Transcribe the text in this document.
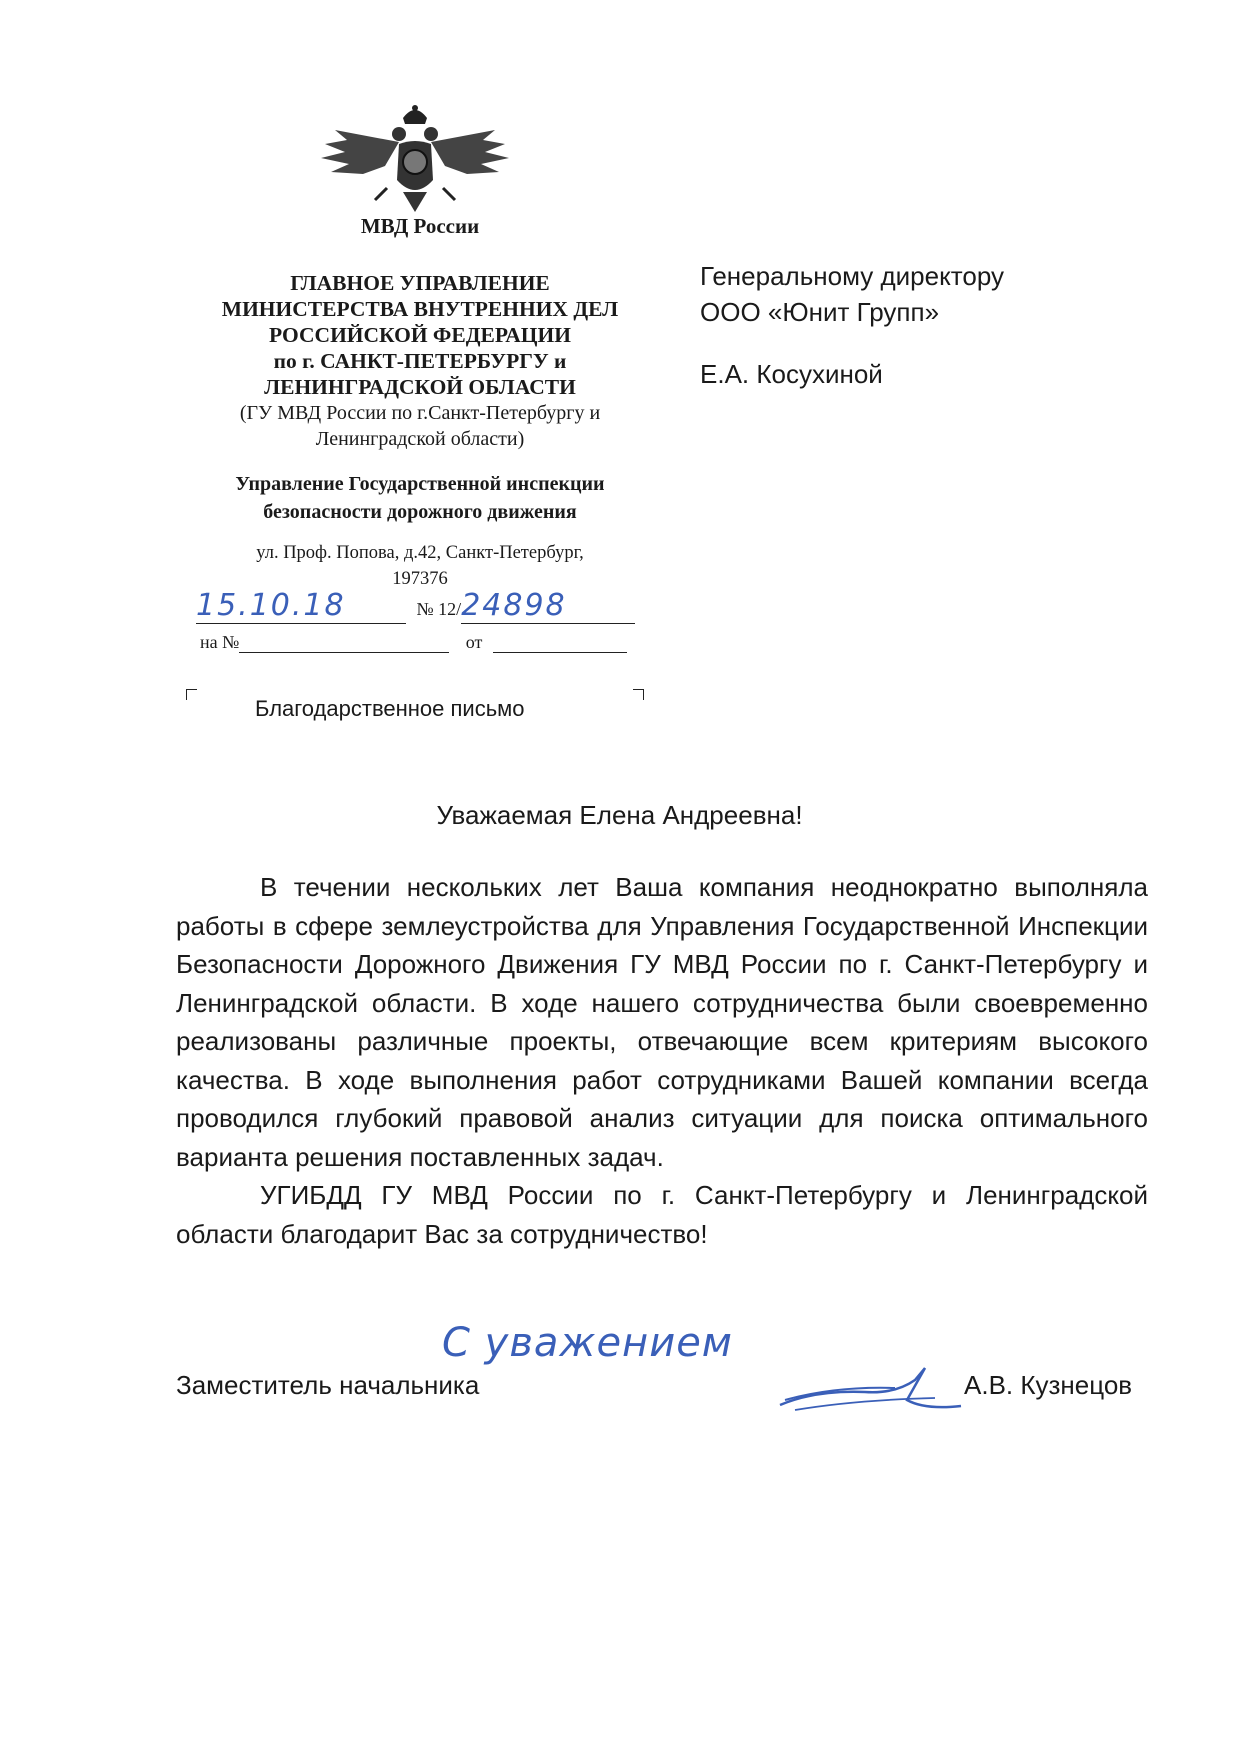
МВД России
ГЛАВНОЕ УПРАВЛЕНИЕ
МИНИСТЕРСТВА ВНУТРЕННИХ ДЕЛ
РОССИЙСКОЙ ФЕДЕРАЦИИ
по г. САНКТ-ПЕТЕРБУРГУ и
ЛЕНИНГРАДСКОЙ ОБЛАСТИ
(ГУ МВД России по г.Санкт-Петербургу и
Ленинградской области)
Управление Государственной инспекции
безопасности дорожного движения
ул. Проф. Попова, д.42, Санкт-Петербург,
197376
15.10.18	№ 12/24898
на №	от
Генеральному директору
ООО «Юнит Групп»
Е.А. Косухиной
Благодарственное письмо
Уважаемая Елена Андреевна!

В течении нескольких лет Ваша компания неоднократно выполняла работы в сфере землеустройства для Управления Государственной Инспекции Безопасности Дорожного Движения ГУ МВД России по г. Санкт-Петербургу и Ленинградской области. В ходе нашего сотрудничества были своевременно реализованы различные проекты, отвечающие всем критериям высокого качества. В ходе выполнения работ сотрудниками Вашей компании всегда проводился глубокий правовой анализ ситуации для поиска оптимального варианта решения поставленных задач.

УГИБДД ГУ МВД России по г. Санкт-Петербургу и Ленинградской области благодарит Вас за сотрудничество!

С уважением
Заместитель начальника	А.В. Кузнецов
